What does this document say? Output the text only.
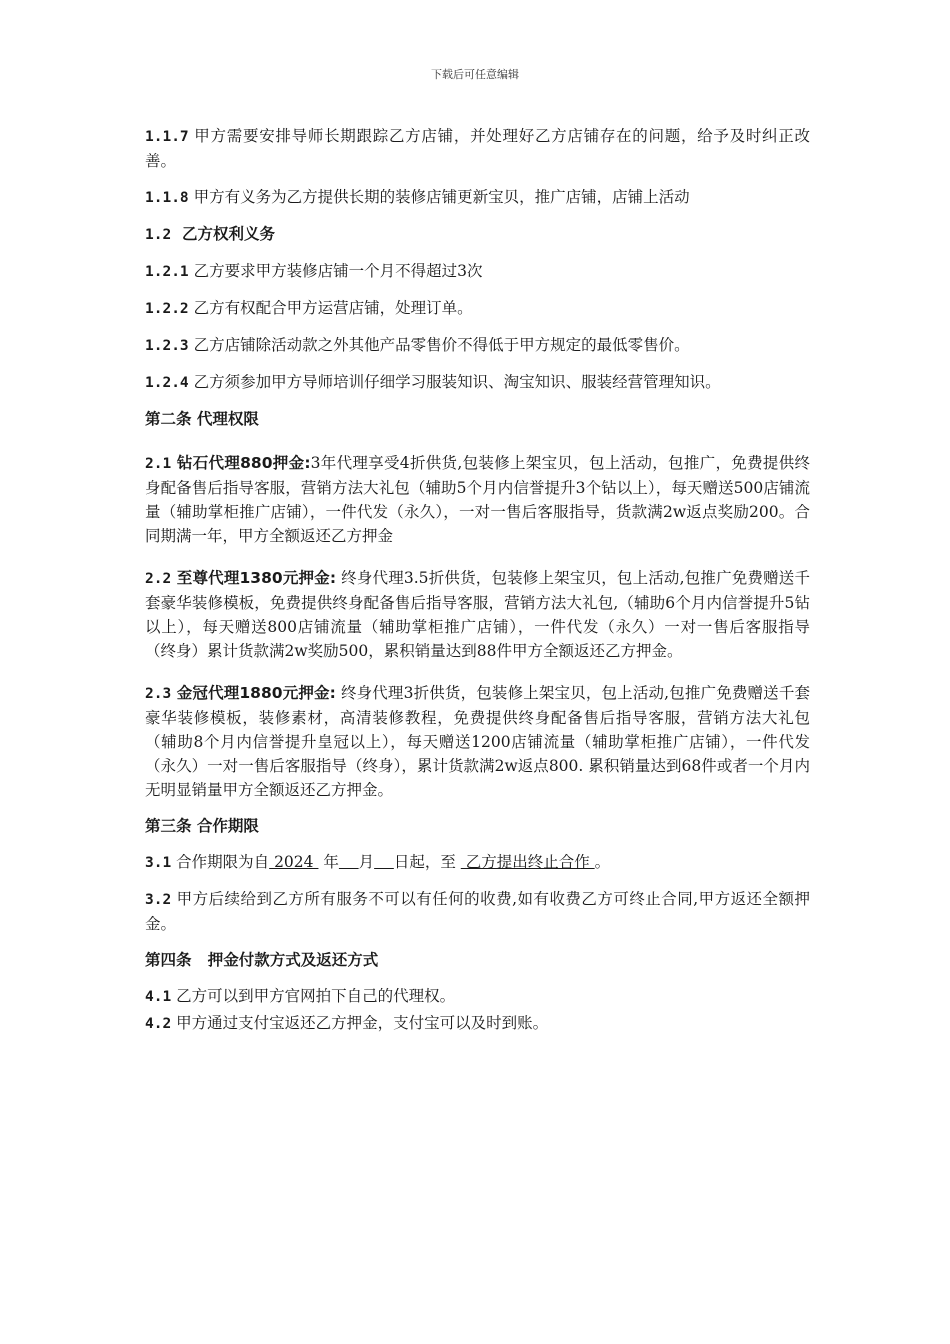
下载后可任意编辑

1.1.7 甲方需要安排导师长期跟踪乙方店铺，并处理好乙方店铺存在的问题，给予及时纠正改善。

1.1.8 甲方有义务为乙方提供长期的装修店铺更新宝贝，推广店铺，店铺上活动

1.2  乙方权利义务

1.2.1 乙方要求甲方装修店铺一个月不得超过3次

1.2.2 乙方有权配合甲方运营店铺，处理订单。

1.2.3 乙方店铺除活动款之外其他产品零售价不得低于甲方规定的最低零售价。

1.2.4 乙方须参加甲方导师培训仔细学习服装知识、淘宝知识、服装经营管理知识。

第二条 代理权限

2.1 钻石代理880押金:3年代理享受4折供货,包装修上架宝贝，包上活动，包推广，免费提供终身配备售后指导客服，营销方法大礼包（辅助5个月内信誉提升3个钻以上），每天赠送500店铺流量（辅助掌柜推广店铺），一件代发（永久），一对一售后客服指导，货款满2w返点奖励200。合同期满一年，甲方全额返还乙方押金

2.2 至尊代理1380元押金: 终身代理3.5折供货，包装修上架宝贝，包上活动,包推广免费赠送千套豪华装修模板，免费提供终身配备售后指导客服，营销方法大礼包,（辅助6个月内信誉提升5钻以上），每天赠送800店铺流量（辅助掌柜推广店铺），一件代发（永久）一对一售后客服指导（终身）累计货款满2w奖励500，累积销量达到88件甲方全额返还乙方押金。

2.3 金冠代理1880元押金: 终身代理3折供货，包装修上架宝贝，包上活动,包推广免费赠送千套豪华装修模板，装修素材，高清装修教程，免费提供终身配备售后指导客服，营销方法大礼包（辅助8个月内信誉提升皇冠以上），每天赠送1200店铺流量（辅助掌柜推广店铺），一件代发（永久）一对一售后客服指导（终身），累计货款满2w返点800. 累积销量达到68件或者一个月内无明显销量甲方全额返还乙方押金。

第三条 合作期限

3.1 合作期限为自 2024  年 月 日起，至  乙方提出终止合作 。

3.2 甲方后续给到乙方所有服务不可以有任何的收费,如有收费乙方可终止合同,甲方返还全额押金。

第四条   押金付款方式及返还方式

4.1 乙方可以到甲方官网拍下自己的代理权。

4.2 甲方通过支付宝返还乙方押金，支付宝可以及时到账。
